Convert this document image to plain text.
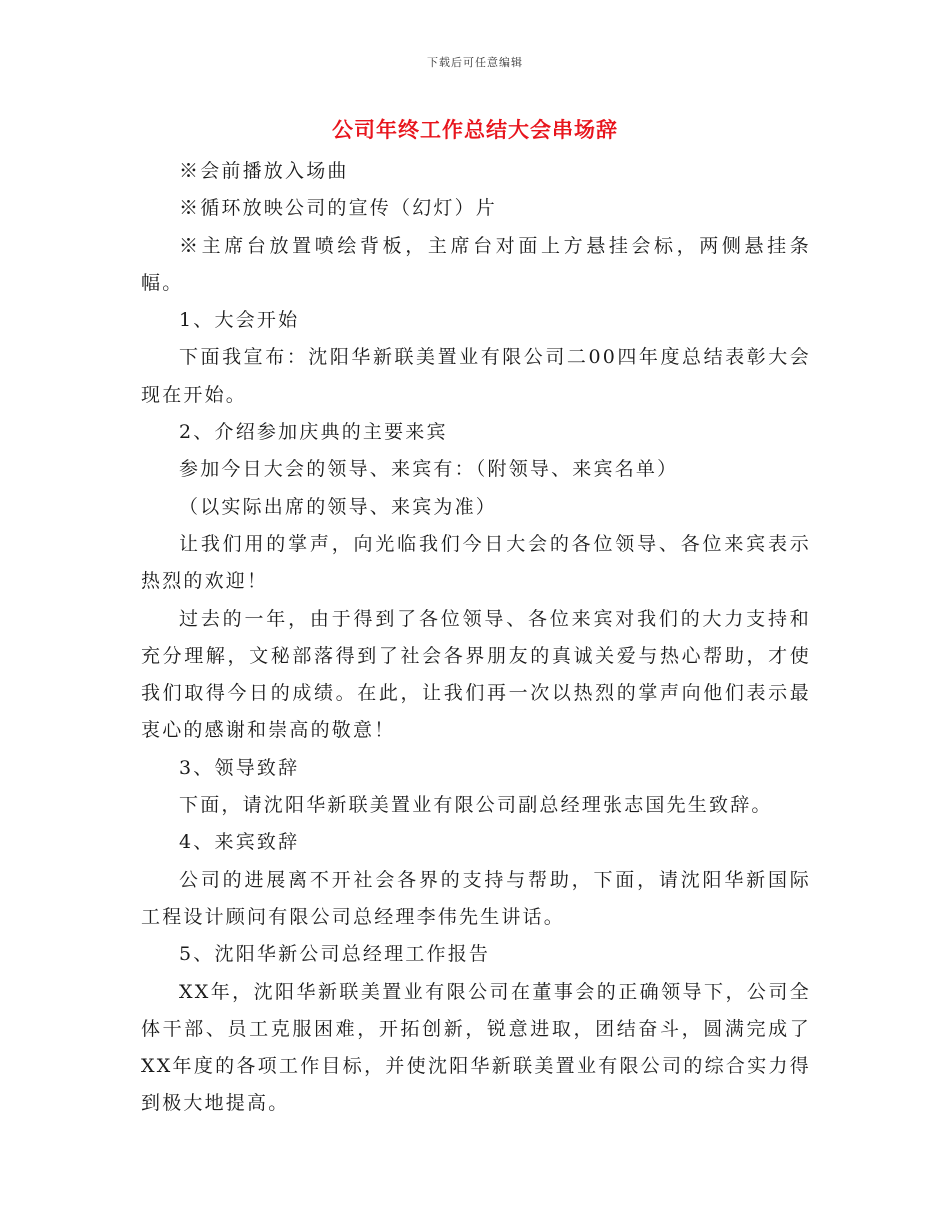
下载后可任意编辑
公司年终工作总结大会串场辞

※会前播放入场曲

※循环放映公司的宣传（幻灯）片

※主席台放置喷绘背板，主席台对面上方悬挂会标，两侧悬挂条幅。

1、大会开始

下面我宣布：沈阳华新联美置业有限公司二00四年度总结表彰大会现在开始。

2、介绍参加庆典的主要来宾

参加今日大会的领导、来宾有：（附领导、来宾名单）

（以实际出席的领导、来宾为准）

让我们用的掌声，向光临我们今日大会的各位领导、各位来宾表示热烈的欢迎！

过去的一年，由于得到了各位领导、各位来宾对我们的大力支持和充分理解，文秘部落得到了社会各界朋友的真诚关爱与热心帮助，才使我们取得今日的成绩。在此，让我们再一次以热烈的掌声向他们表示最衷心的感谢和崇高的敬意！

3、领导致辞

下面，请沈阳华新联美置业有限公司副总经理张志国先生致辞。

4、来宾致辞

公司的进展离不开社会各界的支持与帮助，下面，请沈阳华新国际工程设计顾问有限公司总经理李伟先生讲话。

5、沈阳华新公司总经理工作报告

XX年，沈阳华新联美置业有限公司在董事会的正确领导下，公司全体干部、员工克服困难，开拓创新，锐意进取，团结奋斗，圆满完成了XX年度的各项工作目标，并使沈阳华新联美置业有限公司的综合实力得到极大地提高。
